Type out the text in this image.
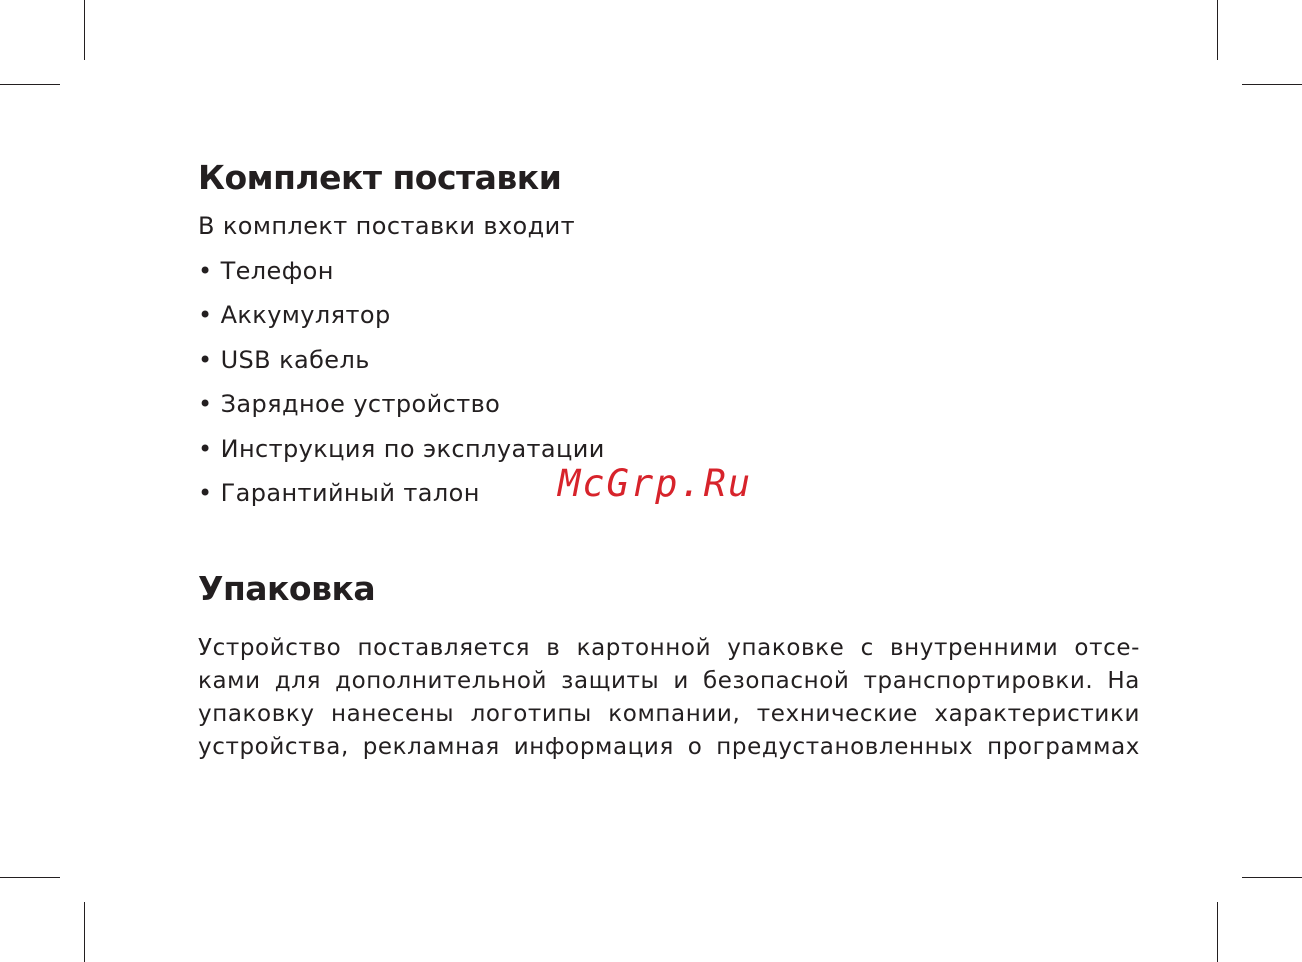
Комплект поставки
В комплект поставки входит
• Телефон
• Аккумулятор
• USB кабель
• Зарядное устройство
• Инструкция по эксплуатации
• Гарантийный талон
Упаковка
Устройство поставляется в картонной упаковке с внутренними отсе-
ками для дополнительной защиты и безопасной транспортировки. На
упаковку нанесены логотипы компании, технические характеристики
устройства, рекламная информация о предустановленных программах
McGrp.Ru
